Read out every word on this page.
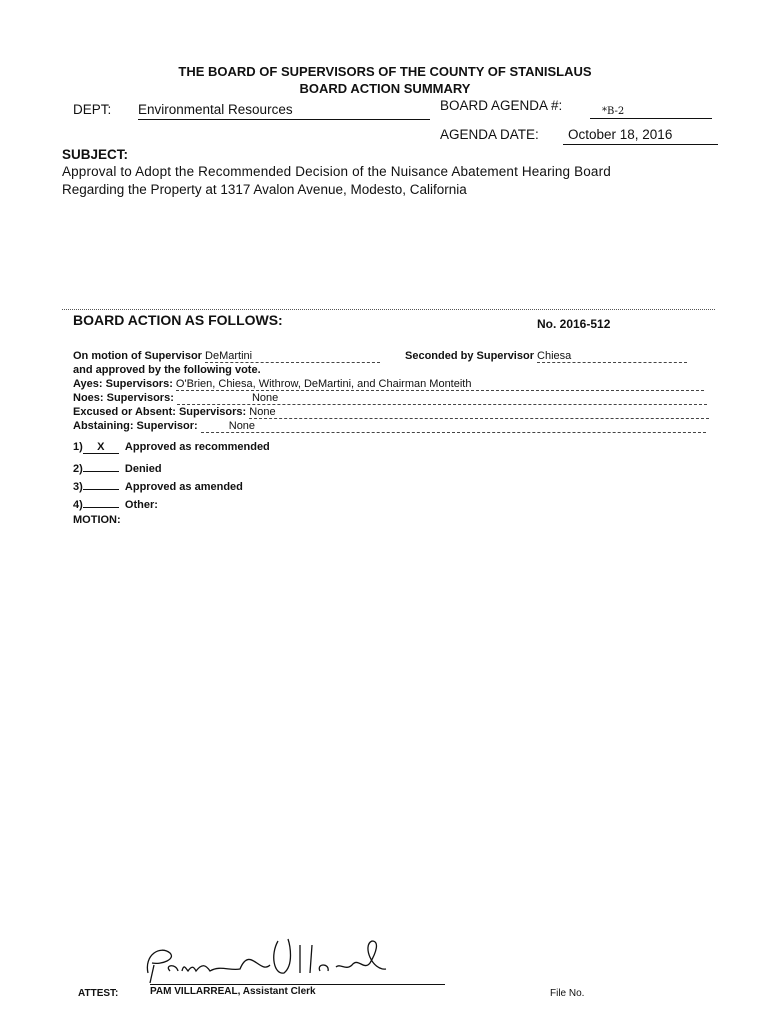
THE BOARD OF SUPERVISORS OF THE COUNTY OF STANISLAUS
BOARD ACTION SUMMARY
DEPT: Environmental Resources	BOARD AGENDA #:	*B-2
AGENDA DATE:	October 18, 2016
SUBJECT:
Approval to Adopt the Recommended Decision of the Nuisance Abatement Hearing Board
Regarding the Property at 1317 Avalon Avenue, Modesto, California
BOARD ACTION AS FOLLOWS:	No. 2016-512
On motion of Supervisor DeMartini	Seconded by Supervisor Chiesa
and approved by the following vote.
Ayes: Supervisors: O'Brien, Chiesa, Withrow, DeMartini, and Chairman Monteith
Noes: Supervisors:	None
Excused or Absent: Supervisors: None
Abstaining: Supervisor:	None
1) X Approved as recommended
2)	Denied
3)	Approved as amended
4)	Other:
MOTION:
ATTEST:	PAM VILLARREAL, Assistant Clerk	File No.
